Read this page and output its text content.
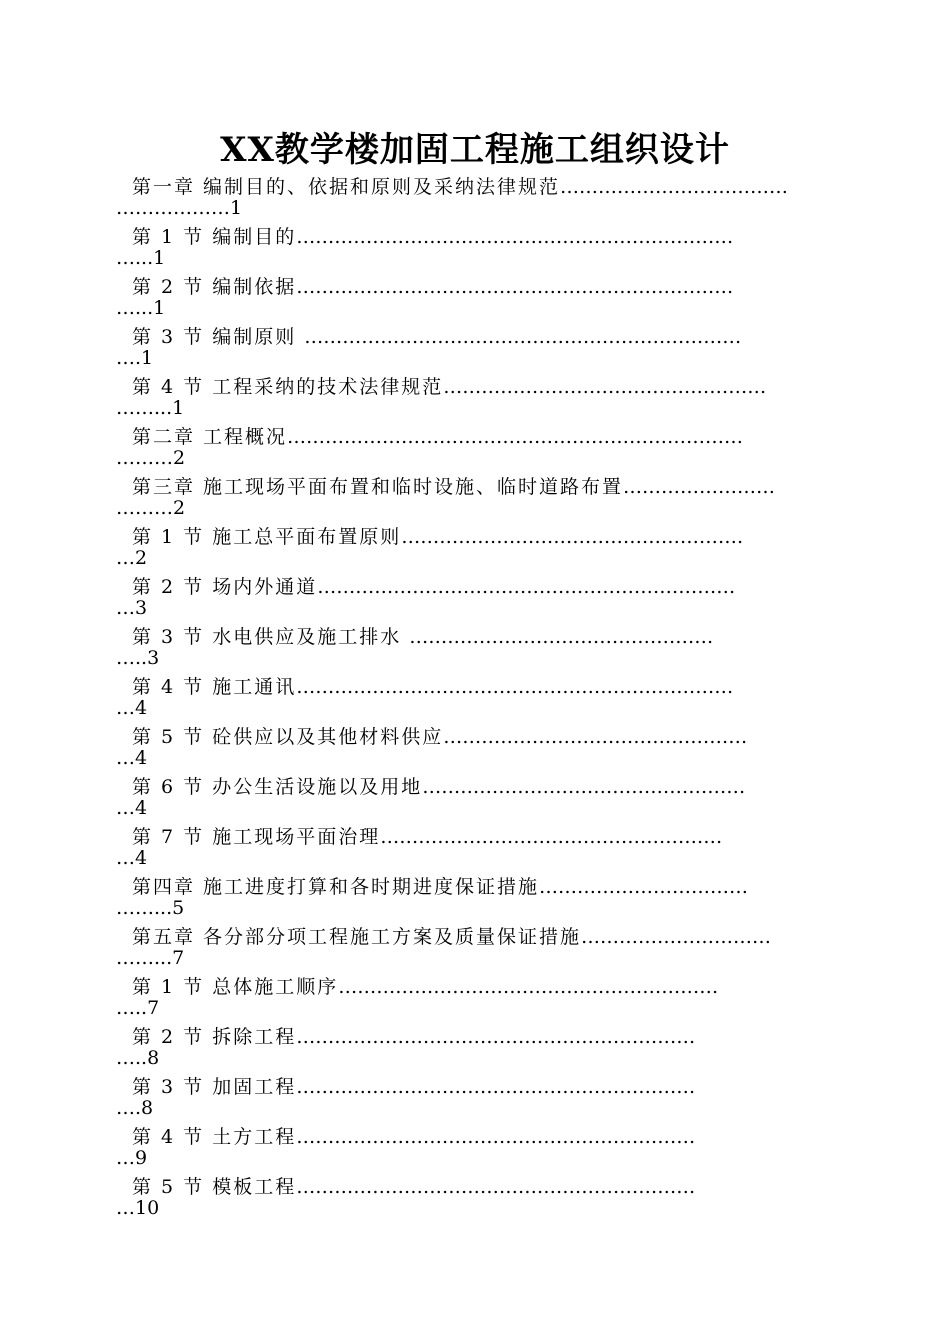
XX教学楼加固工程施工组织设计
第一章 编制目的、依据和原则及采纳法律规范………………………………
………………1
第 1 节 编制目的……………………………………………………………
…...1
第 2 节 编制依据……………………………………………………………
…...1
第 3 节 编制原则 ……………………………………………………………
….1
第 4 节 工程采纳的技术法律规范……………………………………………
……...1
第二章 工程概况………………………………………………………………
………2
第三章 施工现场平面布置和临时设施、临时道路布置……………………
………2
第 1 节 施工总平面布置原则………………………………………………
…2
第 2 节 场内外通道…………………………………………………………
…3
第 3 节 水电供应及施工排水 …………………………………………
…..3
第 4 节 施工通讯……………………………………………………………
…4
第 5 节 砼供应以及其他材料供应…………………………………………
…4
第 6 节 办公生活设施以及用地……………………………………………
…4
第 7 节 施工现场平面治理………………………………………………
…4
第四章 施工进度打算和各时期进度保证措施……………………………
……...5
第五章 各分部分项工程施工方案及质量保证措施…………………………
……...7
第 1 节 总体施工顺序……………………………………………………
…..7
第 2 节 拆除工程………………………………………………………
…..8
第 3 节 加固工程………………………………………………………
….8
第 4 节 土方工程………………………………………………………
…9
第 5 节 模板工程………………………………………………………
…10
